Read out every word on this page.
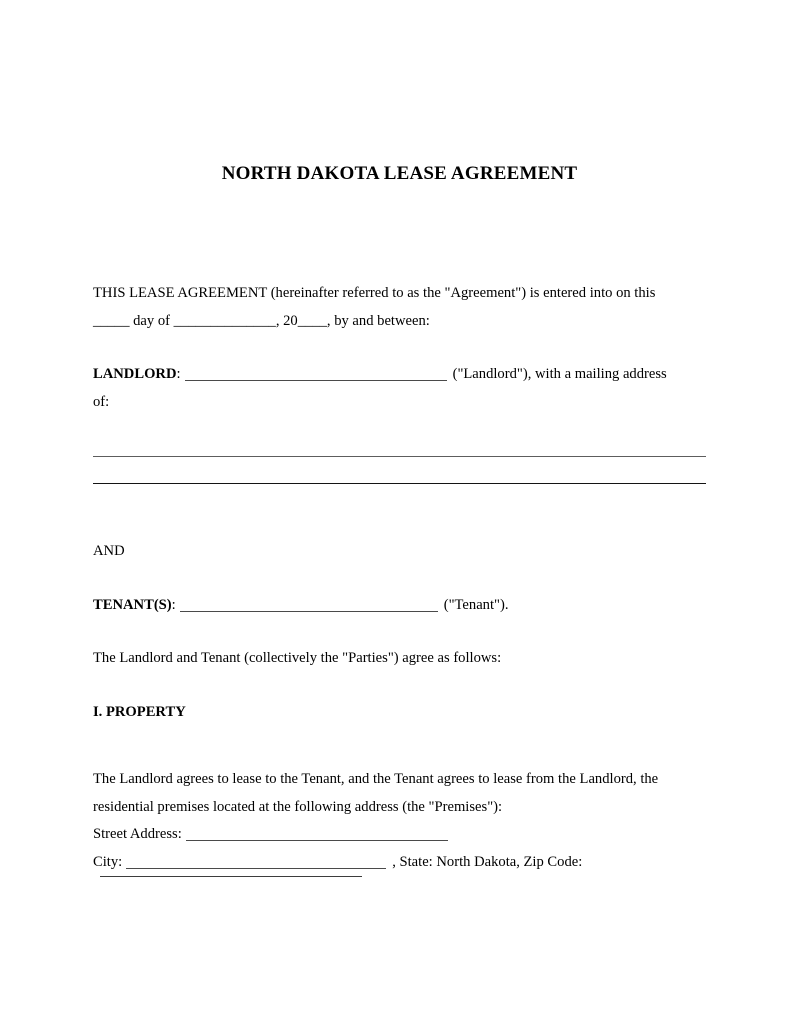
NORTH DAKOTA LEASE AGREEMENT

THIS LEASE AGREEMENT (hereinafter referred to as the "Agreement") is entered into on this
_____ day of ______________, 20____, by and between:

LANDLORD:	("Landlord"), with a mailing address
of:

AND

TENANT(S):	("Tenant").

The Landlord and Tenant (collectively the "Parties") agree as follows:

I. PROPERTY

The Landlord agrees to lease to the Tenant, and the Tenant agrees to lease from the Landlord, the
residential premises located at the following address (the "Premises"):

Street Address:

City:	, State: North Dakota, Zip Code:
